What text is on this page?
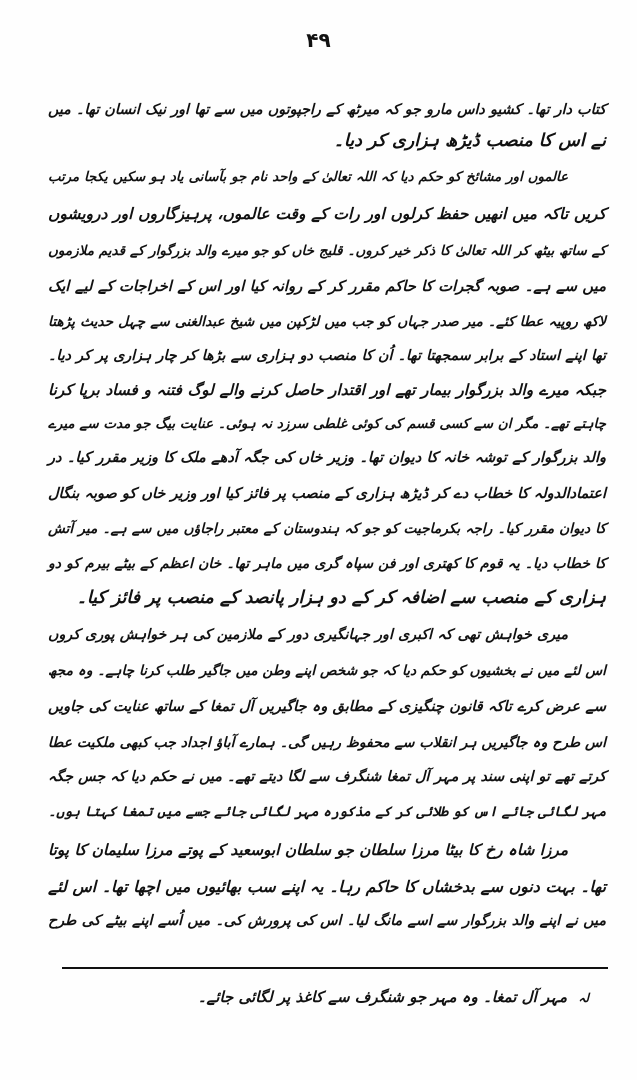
۴۹
کتاب دار تھا۔ کشیو داس مارو جو کہ میرٹھ کے راجپوتوں میں سے تھا اور نیک انسان تھا۔ میں
نے اس کا منصب ڈیڑھ ہزاری کر دیا۔
عالموں اور مشائخ کو حکم دیا کہ اللہ تعالیٰ کے واحد نام جو بآسانی یاد ہو سکیں یکجا مرتب
کریں تاکہ میں انھیں حفظ کرلوں اور رات کے وقت عالموں، پرہیزگاروں اور درویشوں
کے ساتھ بیٹھ کر اللہ تعالیٰ کا ذکر خیر کروں۔ قلیج خاں کو جو میرے والد بزرگوار کے قدیم ملازموں
میں سے ہے۔ صوبہ گجرات کا حاکم مقرر کر کے روانہ کیا اور اس کے اخراجات کے لیے ایک
لاکھ روپیہ عطا کئے۔ میر صدر جہاں کو جب میں لڑکپن میں شیخ عبدالغنی سے چہل حدیث پڑھتا
تھا اپنے استاد کے برابر سمجھتا تھا۔ اُن کا منصب دو ہزاری سے بڑھا کر چار ہزاری پر کر دیا۔
جبکہ میرے والد بزرگوار بیمار تھے اور اقتدار حاصل کرنے والے لوگ فتنہ و فساد برپا کرنا
چاہتے تھے۔ مگر ان سے کسی قسم کی کوئی غلطی سرزد نہ ہوئی۔ عنایت بیگ جو مدت سے میرے
والد بزرگوار کے توشہ خانہ کا دیوان تھا۔ وزیر خاں کی جگہ آدھے ملک کا وزیر مقرر کیا۔ در
اعتمادالدولہ کا خطاب دے کر ڈیڑھ ہزاری کے منصب پر فائز کیا اور وزیر خاں کو صوبہ بنگال
کا دیوان مقرر کیا۔ راجہ بکرماجیت کو جو کہ ہندوستان کے معتبر راجاؤں میں سے ہے۔ میر آتش
کا خطاب دیا۔ یہ قوم کا کھتری اور فن سپاہ گری میں ماہر تھا۔ خان اعظم کے بیٹے بیرم کو دو
ہزاری کے منصب سے اضافہ کر کے دو ہزار پانصد کے منصب پر فائز کیا۔
میری خواہش تھی کہ اکبری اور جہانگیری دور کے ملازمین کی ہر خواہش پوری کروں
اس لئے میں نے بخشیوں کو حکم دیا کہ جو شخص اپنے وطن میں جاگیر طلب کرنا چاہے۔ وہ مجھ
سے عرض کرے تاکہ قانون چنگیزی کے مطابق وہ جاگیریں آل تمغا کے ساتھ عنایت کی جاویں
اس طرح وہ جاگیریں ہر انقلاب سے محفوظ رہیں گی۔ ہمارے آباؤ اجداد جب کبھی ملکیت عطا
کرتے تھے تو اپنی سند پر مہر آل تمغا شنگرف سے لگا دیتے تھے۔ میں نے حکم دیا کہ جس جگہ
مہر لگائی جائے اس کو طلائی کر کے مذکورہ مہر لگائی جائے جسے میں تمغا کہتا ہوں۔
مرزا شاہ رخ کا بیٹا مرزا سلطان جو سلطان ابوسعید کے پوتے مرزا سلیمان کا پوتا
تھا۔ بہت دنوں سے بدخشاں کا حاکم رہا۔ یہ اپنے سب بھائیوں میں اچھا تھا۔ اس لئے
میں نے اپنے والد بزرگوار سے اسے مانگ لیا۔ اس کی پرورش کی۔ میں اُسے اپنے بیٹے کی طرح
لہ مہر آل تمغا۔ وہ مہر جو شنگرف سے کاغذ پر لگائی جائے۔
